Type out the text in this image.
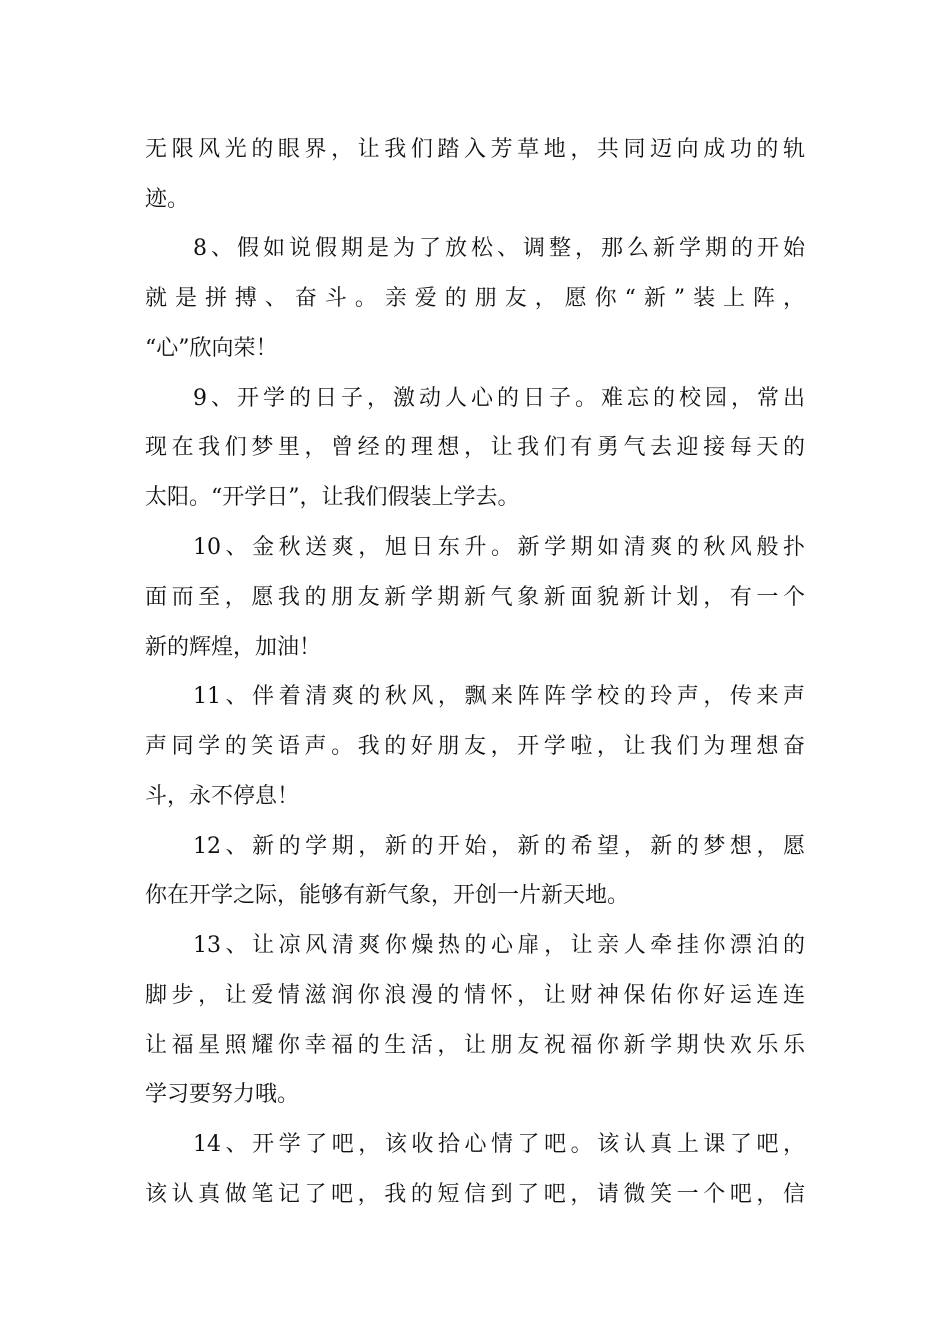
无限风光的眼界，让我们踏入芳草地，共同迈向成功的轨
迹。
8、假如说假期是为了放松、调整，那么新学期的开始
就是拼搏、奋斗。亲爱的朋友，愿你“新”装上阵，
“心”欣向荣！
9、开学的日子，激动人心的日子。难忘的校园，常出
现在我们梦里，曾经的理想，让我们有勇气去迎接每天的
太阳。“开学日”，让我们假装上学去。
10、金秋送爽，旭日东升。新学期如清爽的秋风般扑
面而至，愿我的朋友新学期新气象新面貌新计划，有一个
新的辉煌，加油！
11、伴着清爽的秋风，飘来阵阵学校的玲声，传来声
声同学的笑语声。我的好朋友，开学啦，让我们为理想奋
斗，永不停息！
12、新的学期，新的开始，新的希望，新的梦想，愿
你在开学之际，能够有新气象，开创一片新天地。
13、让凉风清爽你燥热的心扉，让亲人牵挂你漂泊的
脚步，让爱情滋润你浪漫的情怀，让财神保佑你好运连连
让福星照耀你幸福的生活，让朋友祝福你新学期快欢乐乐
学习要努力哦。
14、开学了吧，该收拾心情了吧。该认真上课了吧，
该认真做笔记了吧，我的短信到了吧，请微笑一个吧，信
